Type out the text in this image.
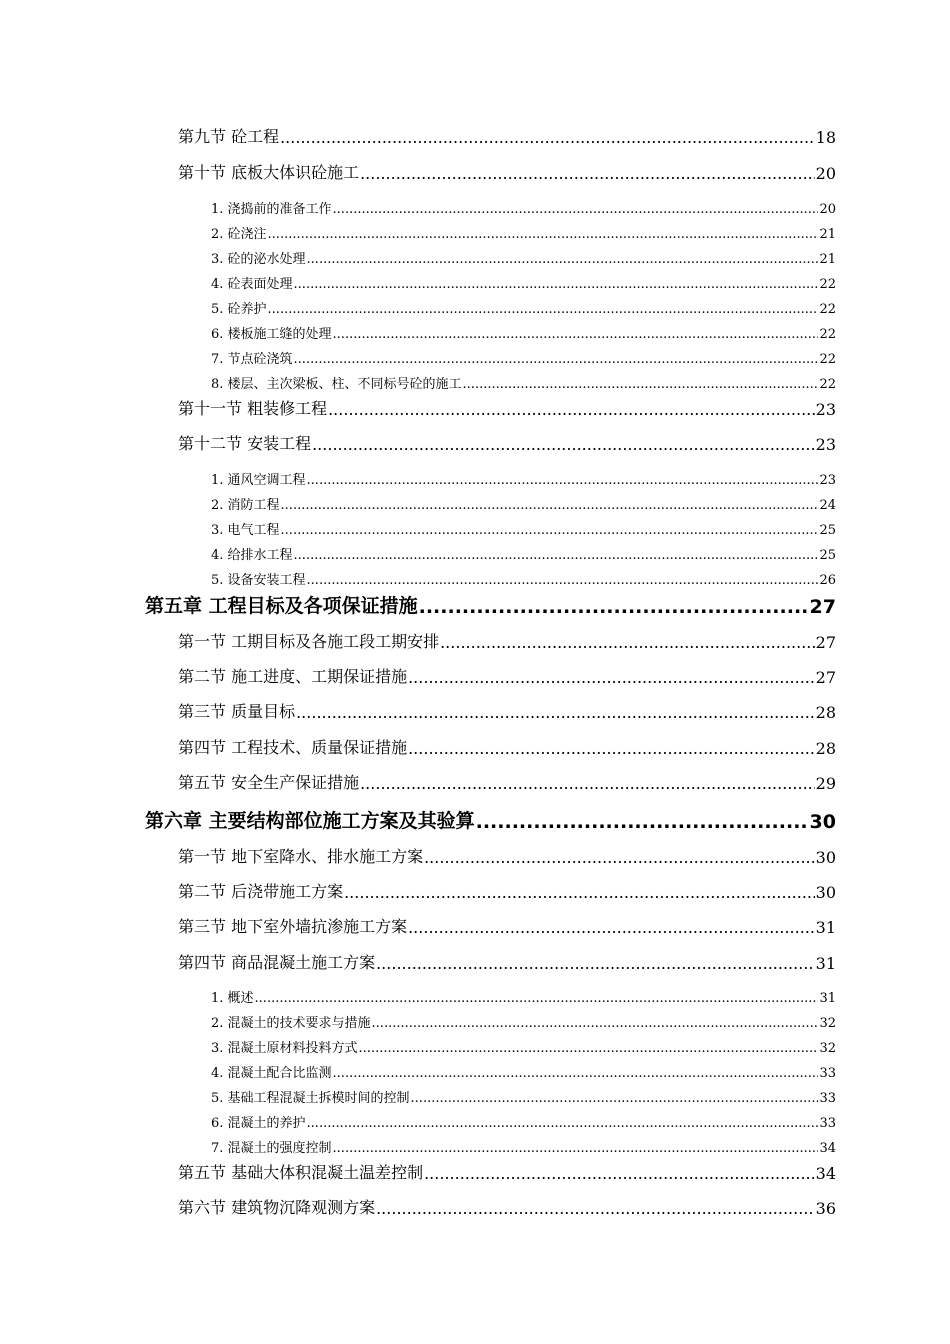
第九节 砼工程 .....	18
第十节 底板大体识砼施工 .....	20
1. 浇捣前的准备工作 .....	20
2. 砼浇注 .....	21
3. 砼的泌水处理 .....	21
4. 砼表面处理 .....	22
5. 砼养护 .....	22
6. 楼板施工缝的处理 .....	22
7. 节点砼浇筑 .....	22
8. 楼层、主次梁板、柱、不同标号砼的施工 .....	22
第十一节 粗装修工程 .....	23
第十二节 安装工程 .....	23
1. 通风空调工程 .....	23
2. 消防工程 .....	24
3. 电气工程 .....	25
4. 给排水工程 .....	25
5. 设备安装工程 .....	26
第五章 工程目标及各项保证措施 .....	27
第一节 工期目标及各施工段工期安排 .....	27
第二节 施工进度、工期保证措施 .....	27
第三节 质量目标 .....	28
第四节 工程技术、质量保证措施 .....	28
第五节 安全生产保证措施 .....	29
第六章 主要结构部位施工方案及其验算 .....	30
第一节 地下室降水、排水施工方案 .....	30
第二节 后浇带施工方案 .....	30
第三节 地下室外墙抗渗施工方案 .....	31
第四节 商品混凝土施工方案 .....	31
1. 概述 .....	31
2. 混凝土的技术要求与措施 .....	32
3. 混凝土原材料投料方式 .....	32
4. 混凝土配合比监测 .....	33
5. 基础工程混凝土拆模时间的控制 .....	33
6. 混凝土的养护 .....	33
7. 混凝土的强度控制 .....	34
第五节 基础大体积混凝土温差控制 .....	34
第六节 建筑物沉降观测方案 .....	36
